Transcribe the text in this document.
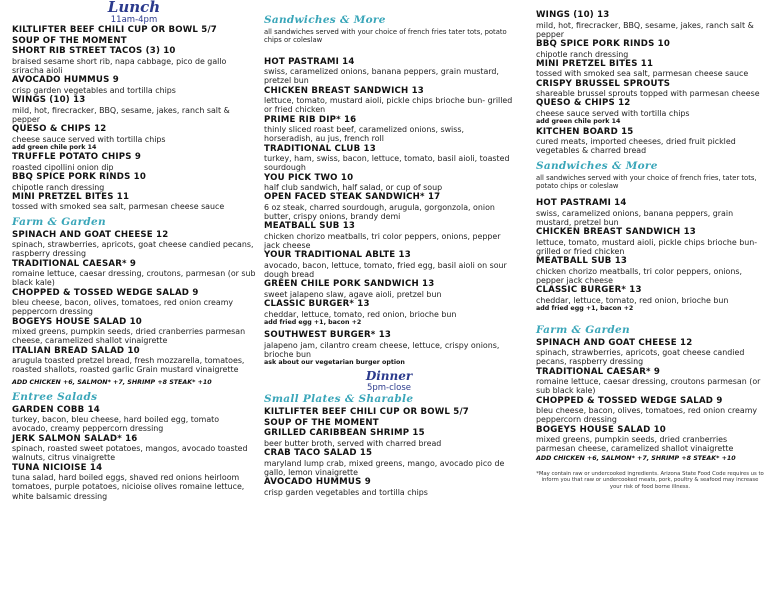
Lunch
11am-4pm
KILTLIFTER BEEF CHILI CUP OR BOWL 5/7
SOUP OF THE MOMENT
SHORT RIB STREET TACOS (3) 10
braised sesame short rib, napa cabbage, pico de gallo sriracha aioli
AVOCADO HUMMUS 9
crisp garden vegetables and tortilla chips
WINGS (10) 13
mild, hot, firecracker, BBQ, sesame, jakes, ranch salt & pepper
QUESO & CHIPS 12
cheese sauce served with tortilla chips
add green chile pork 14
TRUFFLE POTATO CHIPS 9
roasted cipollini onion dip
BBQ SPICE PORK RINDS 10
chipotle ranch dressing
MINI PRETZEL BITES 11
tossed with smoked sea salt, parmesan cheese sauce
Farm & Garden
SPINACH AND GOAT CHEESE 12
spinach, strawberries, apricots, goat cheese candied pecans, raspberry dressing
TRADITIONAL CAESAR* 9
romaine lettuce, caesar dressing, croutons, parmesan (or sub black kale)
CHOPPED & TOSSED WEDGE SALAD 9
bleu cheese, bacon, olives, tomatoes, red onion creamy peppercorn dressing
BOGEYS HOUSE SALAD 10
mixed greens, pumpkin seeds, dried cranberries parmesan cheese, caramelized shallot vinaigrette
ITALIAN BREAD SALAD 10
arugula toasted pretzel bread, fresh mozzarella, tomatoes, roasted shallots, roasted garlic Grain mustard vinaigrette
ADD CHICKEN +6, SALMON* +7, SHRIMP +8 STEAK* +10
Entree Salads
GARDEN COBB 14
turkey, bacon, bleu cheese, hard boiled egg, tomato avocado, creamy peppercorn dressing
JERK SALMON SALAD* 16
spinach, roasted sweet potatoes, mangos, avocado toasted walnuts, citrus vinaigrette
TUNA NICIOISE 14
tuna salad, hard boiled eggs, shaved red onions heirloom tomatoes, purple potatoes, nicioise olives romaine lettuce, white balsamic dressing
Sandwiches & More
all sandwiches served with your choice of french fries tater tots, potato chips or coleslaw
HOT PASTRAMI 14
swiss, caramelized onions, banana peppers, grain mustard, pretzel bun
CHICKEN BREAST SANDWICH 13
lettuce, tomato, mustard aioli, pickle chips brioche bun- grilled or fried chicken
PRIME RIB DIP* 16
thinly sliced roast beef, caramelized onions, swiss, horseradish, au jus, french roll
TRADITIONAL CLUB 13
turkey, ham, swiss, bacon, lettuce, tomato, basil aioli, toasted sourdough
YOU PICK TWO 10
half club sandwich, half salad, or cup of soup
OPEN FACED STEAK SANDWICH* 17
6 oz steak, charred sourdough, arugula, gorgonzola, onion butter, crispy onions, brandy demi
MEATBALL SUB 13
chicken chorizo meatballs, tri color peppers, onions, pepper jack cheese
YOUR TRADITIONAL ABLTE 13
avocado, bacon, lettuce, tomato, fried egg, basil aioli on sour dough bread
GREEN CHILE PORK SANDWICH 13
sweet jalapeno slaw, agave aioli, pretzel bun
CLASSIC BURGER* 13
cheddar, lettuce, tomato, red onion, brioche bun
add fried egg +1, bacon +2
SOUTHWEST BURGER* 13
jalapeno jam, cilantro cream cheese, lettuce, crispy onions, brioche bun
ask about our vegetarian burger option
Dinner
5pm-close
Small Plates & Sharable
KILTLIFTER BEEF CHILI CUP OR BOWL 5/7
SOUP OF THE MOMENT
GRILLED CARIBBEAN SHRIMP 15
beer butter broth, served with charred bread
CRAB TACO SALAD 15
maryland lump crab, mixed greens, mango, avocado pico de gallo, lemon vinaigrette
AVOCADO HUMMUS 9
crisp garden vegetables and tortilla chips
WINGS (10) 13
mild, hot, firecracker, BBQ, sesame, jakes, ranch salt & pepper
BBQ SPICE PORK RINDS 10
chipotle ranch dressing
MINI PRETZEL BITES 11
tossed with smoked sea salt, parmesan cheese sauce
CRISPY BRUSSEL SPROUTS
shareable brussel sprouts topped with parmesan cheese
QUESO & CHIPS 12
cheese sauce served with tortilla chips
add green chile pork 14
KITCHEN BOARD 15
cured meats, imported cheeses, dried fruit pickled vegetables & charred bread
Sandwiches & More
all sandwiches served with your choice of french fries, tater tots, potato chips or coleslaw
HOT PASTRAMI 14
swiss, caramelized onions, banana peppers, grain mustard, pretzel bun
CHICKEN BREAST SANDWICH 13
lettuce, tomato, mustard aioli, pickle chips brioche bun- grilled or fried chicken
MEATBALL SUB 13
chicken chorizo meatballs, tri color peppers, onions, pepper jack cheese
CLASSIC BURGER* 13
cheddar, lettuce, tomato, red onion, brioche bun
add fried egg +1, bacon +2
Farm & Garden
SPINACH AND GOAT CHEESE 12
spinach, strawberries, apricots, goat cheese candied pecans, raspberry dressing
TRADITIONAL CAESAR* 9
romaine lettuce, caesar dressing, croutons parmesan (or sub black kale)
CHOPPED & TOSSED WEDGE SALAD 9
bleu cheese, bacon, olives, tomatoes, red onion creamy peppercorn dressing
BOGEYS HOUSE SALAD 10
mixed greens, pumpkin seeds, dried cranberries parmesan cheese, caramelized shallot vinaigrette
ADD CHICKEN +6, SALMON* +7, SHRIMP +8 STEAK* +10
*May contain raw or undercooked ingredients. Arizona State Food Code requires us to inform you that raw or undercooked meats, pork, poultry & seafood may increase your risk of food borne illness.
